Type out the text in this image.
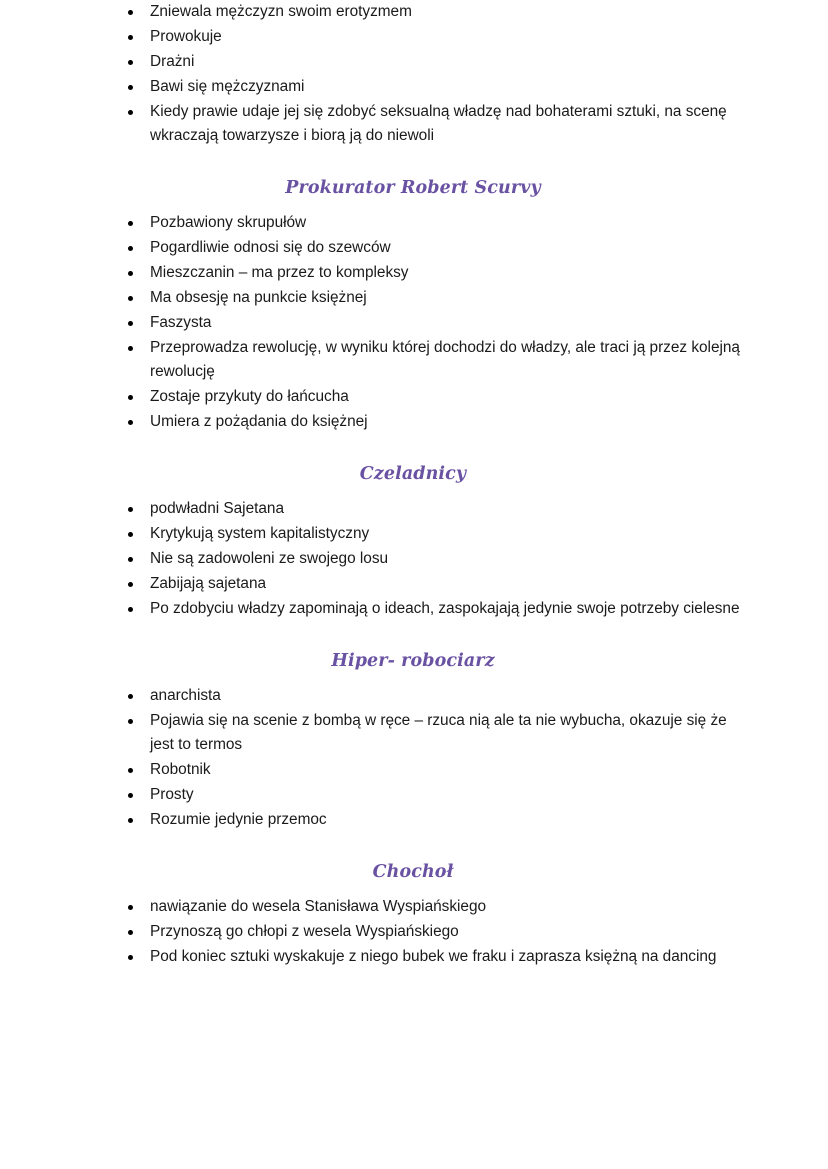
Zniewala mężczyzn swoim erotyzmem
Prowokuje
Drażni
Bawi się mężczyznami
Kiedy prawie udaje jej się zdobyć seksualną władzę nad bohaterami sztuki, na scenę wkraczają towarzysze i biorą ją do niewoli
Prokurator Robert Scurvy
Pozbawiony skrupułów
Pogardliwie odnosi się do szewców
Mieszczanin – ma przez to kompleksy
Ma obsesję na punkcie księżnej
Faszysta
Przeprowadza rewolucję, w wyniku której dochodzi do władzy, ale traci ją przez kolejną rewolucję
Zostaje przykuty do łańcucha
Umiera z pożądania do księżnej
Czeladnicy
podwładni Sajetana
Krytykują system kapitalistyczny
Nie są zadowoleni ze swojego losu
Zabijają sajetana
Po zdobyciu władzy zapominają o ideach, zaspokajają jedynie swoje potrzeby cielesne
Hiper- robociarz
anarchista
Pojawia się na scenie z bombą w ręce – rzuca nią ale ta nie wybucha, okazuje się że jest to termos
Robotnik
Prosty
Rozumie jedynie przemoc
Chochoł
nawiązanie do wesela Stanisława Wyspiańskiego
Przynoszą go chłopi z wesela Wyspiańskiego
Pod koniec sztuki wyskakuje z niego bubek we fraku i zaprasza księżną na dancing
